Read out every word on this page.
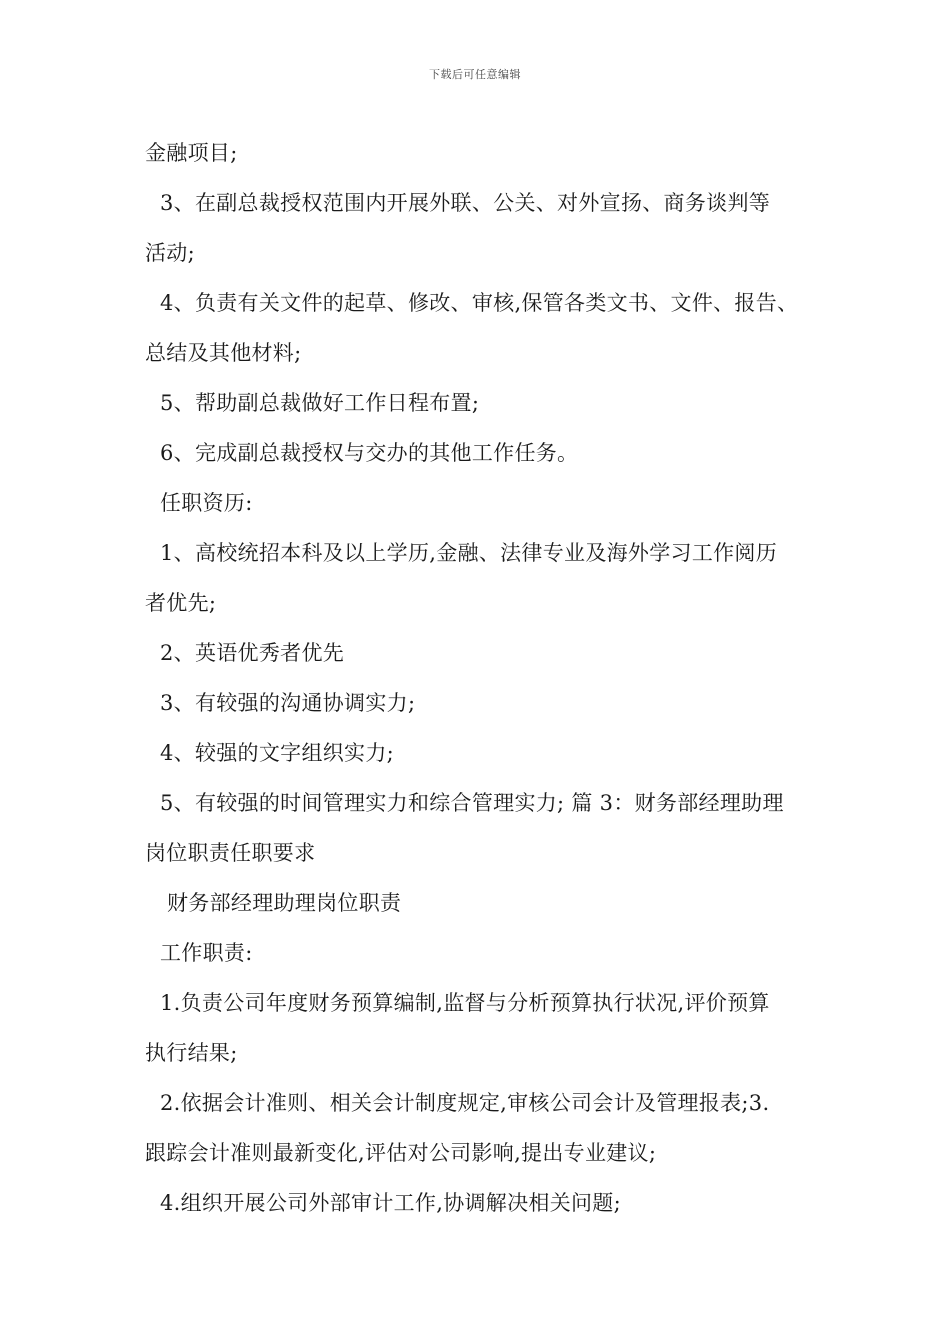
下载后可任意编辑
金融项目;
3、在副总裁授权范围内开展外联、公关、对外宣扬、商务谈判等
活动;
4、负责有关文件的起草、修改、审核,保管各类文书、文件、报告、
总结及其他材料;
5、帮助副总裁做好工作日程布置;
6、完成副总裁授权与交办的其他工作任务。
任职资历:
1、高校统招本科及以上学历,金融、法律专业及海外学习工作阅历
者优先;
2、英语优秀者优先
3、有较强的沟通协调实力;
4、较强的文字组织实力;
5、有较强的时间管理实力和综合管理实力; 篇 3：财务部经理助理
岗位职责任职要求
财务部经理助理岗位职责
工作职责:
1.负责公司年度财务预算编制,监督与分析预算执行状况,评价预算
执行结果;
2.依据会计准则、相关会计制度规定,审核公司会计及管理报表;3.
跟踪会计准则最新变化,评估对公司影响,提出专业建议;
4.组织开展公司外部审计工作,协调解决相关问题;
